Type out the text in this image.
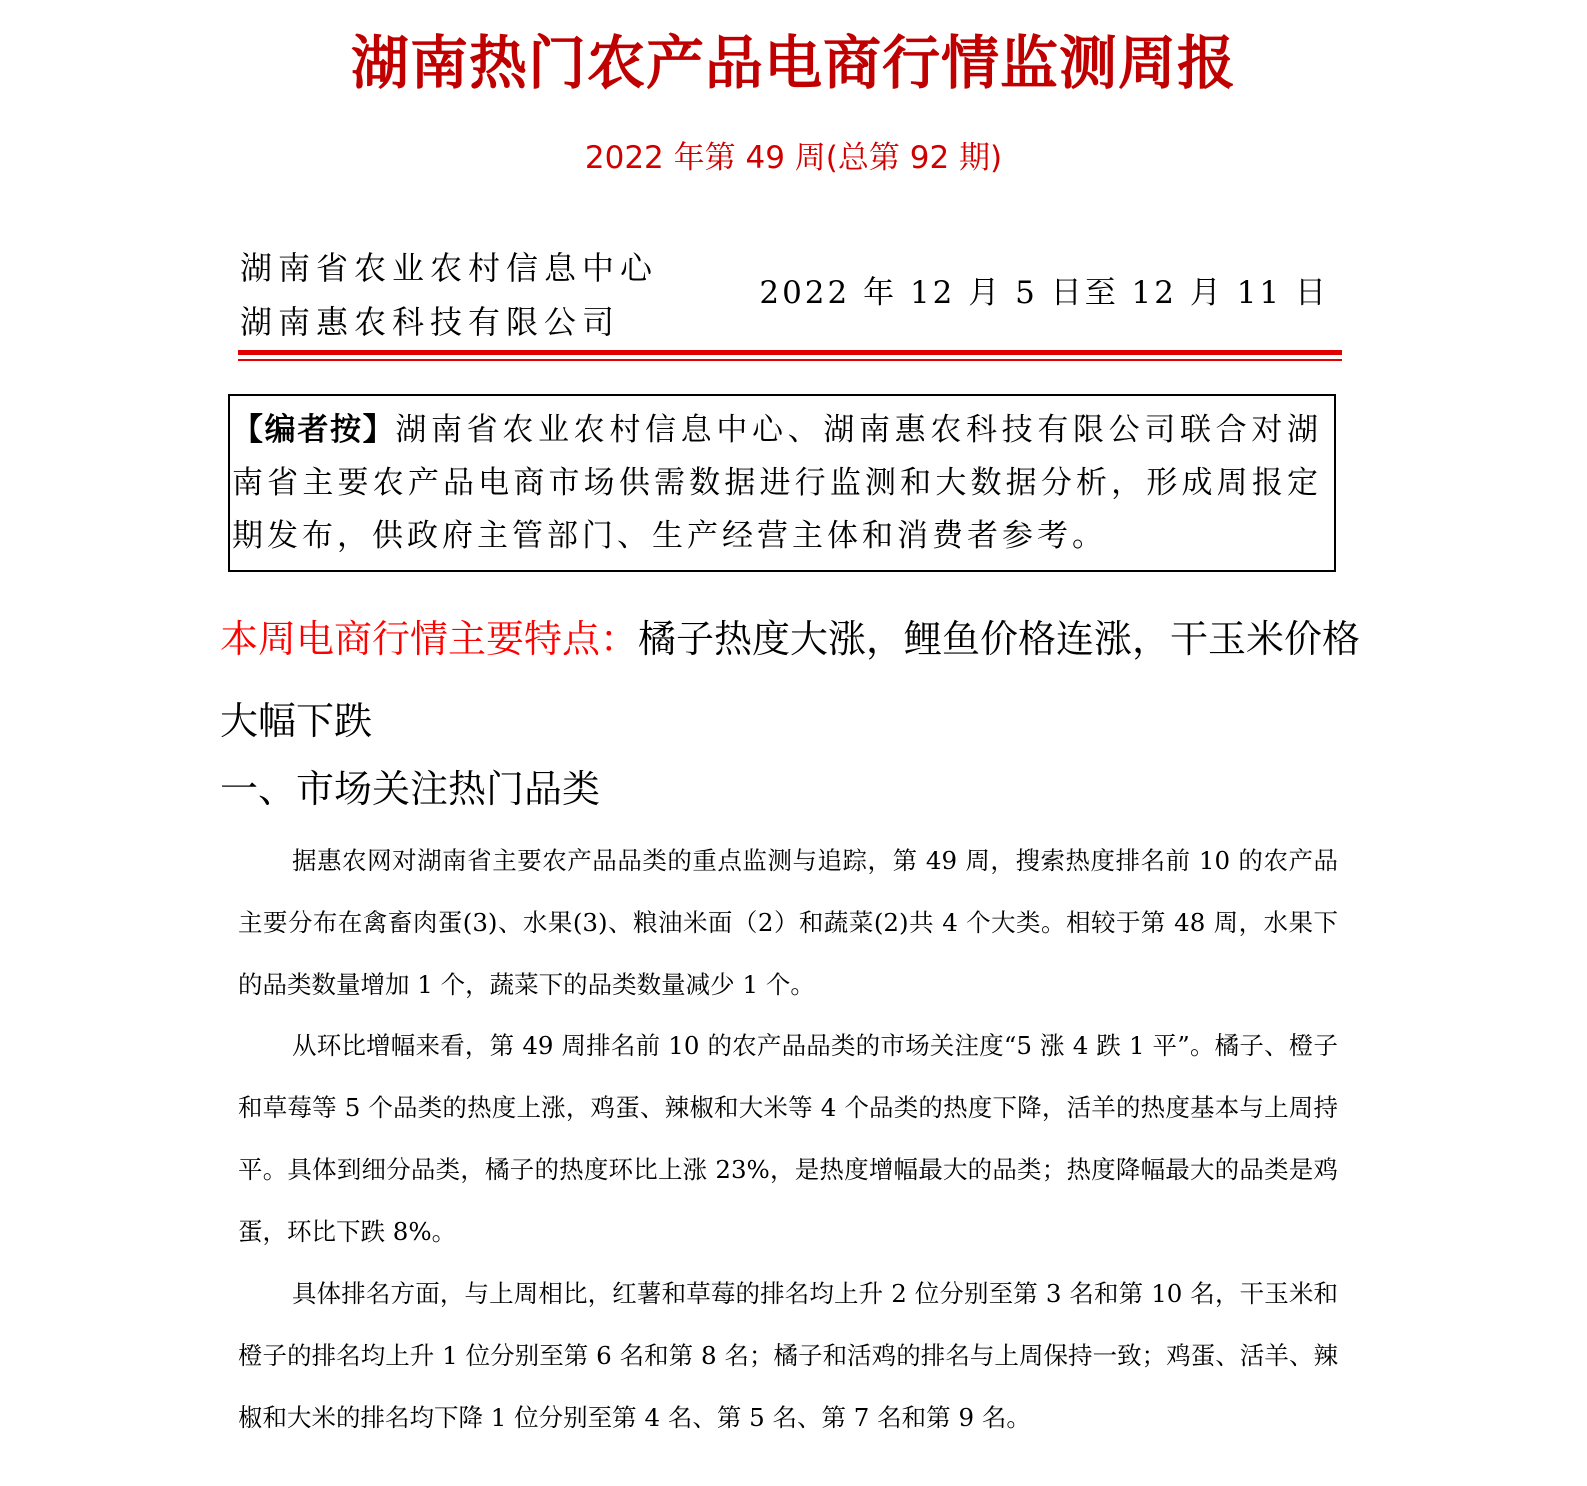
湖南热门农产品电商行情监测周报
2022 年第 49 周(总第 92 期)
湖南省农业农村信息中心
湖南惠农科技有限公司
2022 年 12 月 5 日至 12 月 11 日
【编者按】湖南省农业农村信息中心、湖南惠农科技有限公司联合对湖南省主要农产品电商市场供需数据进行监测和大数据分析，形成周报定期发布，供政府主管部门、生产经营主体和消费者参考。
本周电商行情主要特点：橘子热度大涨，鲤鱼价格连涨，干玉米价格大幅下跌
一、市场关注热门品类
据惠农网对湖南省主要农产品品类的重点监测与追踪，第 49 周，搜索热度排名前 10 的农产品主要分布在禽畜肉蛋(3)、水果(3)、粮油米面（2）和蔬菜(2)共 4 个大类。相较于第 48 周，水果下的品类数量增加 1 个，蔬菜下的品类数量减少 1 个。
从环比增幅来看，第 49 周排名前 10 的农产品品类的市场关注度“5 涨 4 跌 1 平”。橘子、橙子和草莓等 5 个品类的热度上涨，鸡蛋、辣椒和大米等 4 个品类的热度下降，活羊的热度基本与上周持平。具体到细分品类，橘子的热度环比上涨 23%，是热度增幅最大的品类；热度降幅最大的品类是鸡蛋，环比下跌 8%。
具体排名方面，与上周相比，红薯和草莓的排名均上升 2 位分别至第 3 名和第 10 名，干玉米和橙子的排名均上升 1 位分别至第 6 名和第 8 名；橘子和活鸡的排名与上周保持一致；鸡蛋、活羊、辣椒和大米的排名均下降 1 位分别至第 4 名、第 5 名、第 7 名和第 9 名。
